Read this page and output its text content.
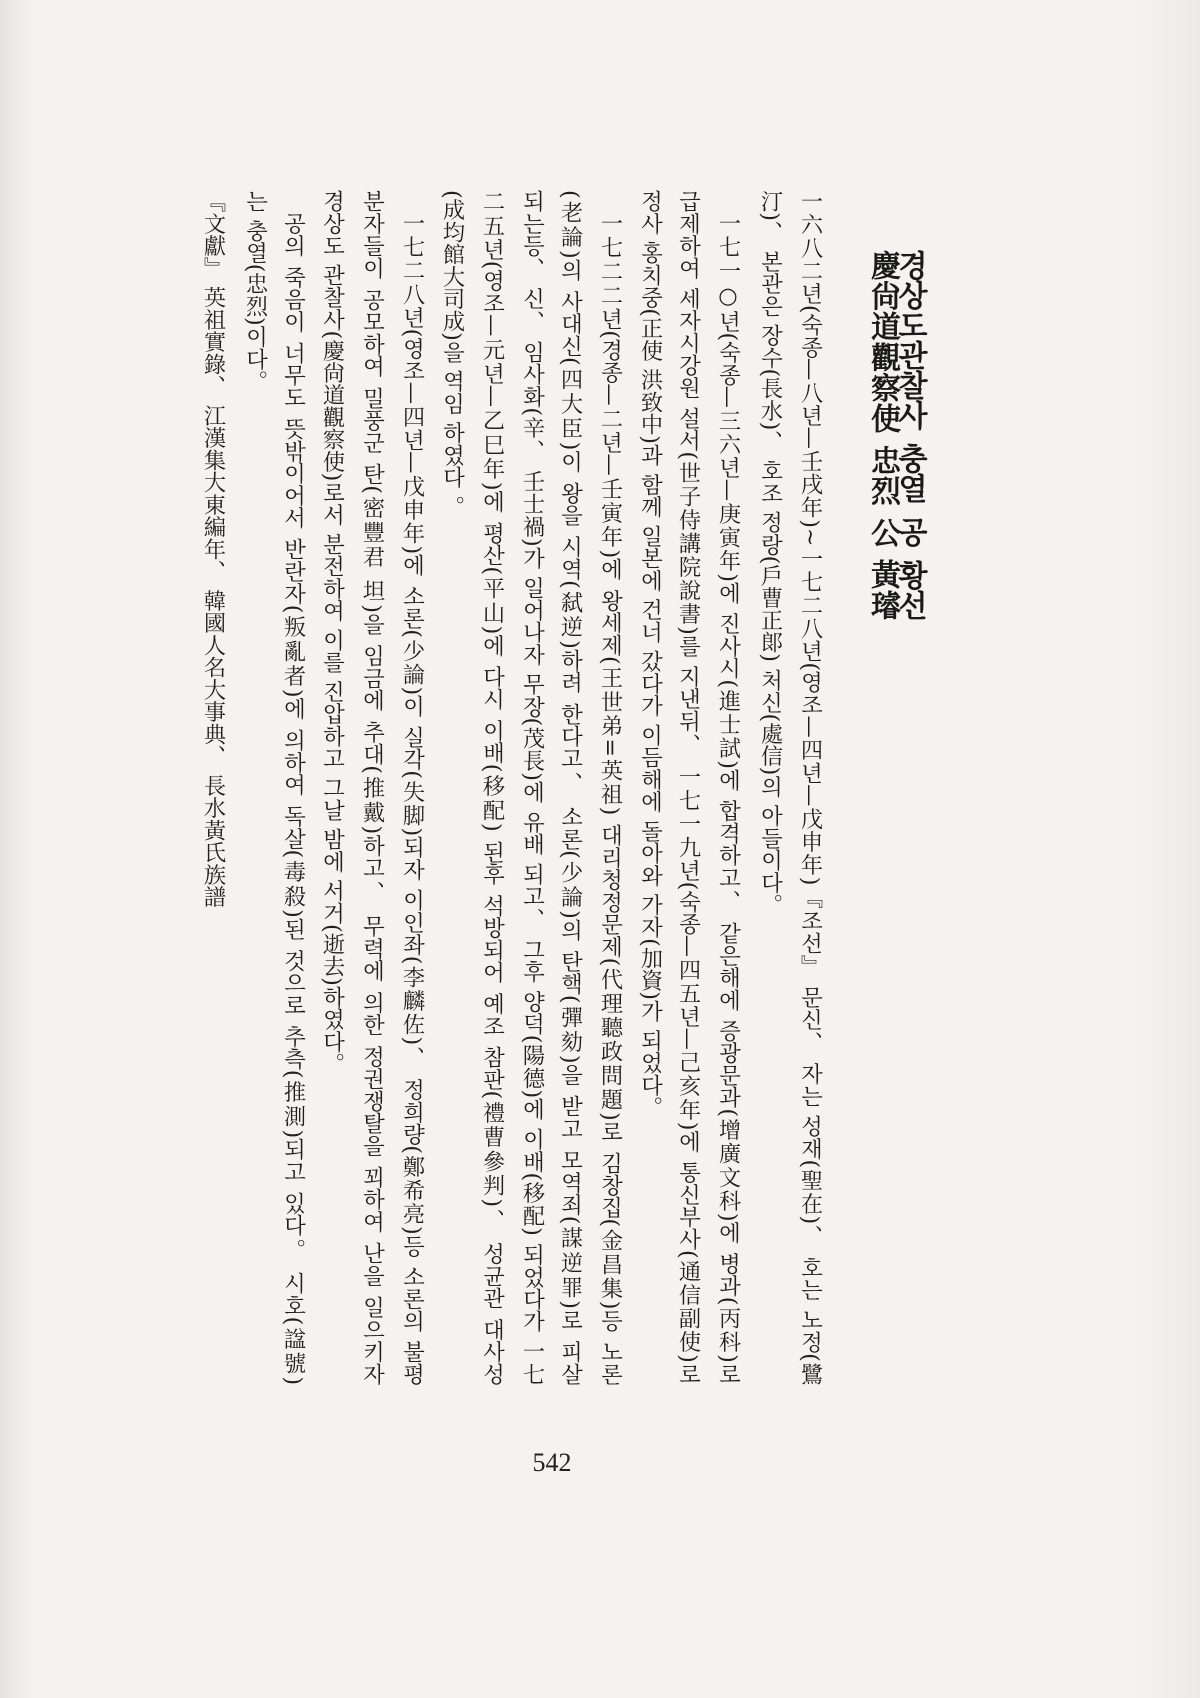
경상도관찰사 충열 공 황선
慶尙道觀察使 忠烈 公 黃璿
一六八二년(숙종—八년—壬戌年)~一七二八년(영조—四년—戊申年)『조선』 문신、 자는 성재(聖在)、 호는 노정(鷺
汀)、 본관은 장수(長水)、 호조 정랑(戶曹正郞) 처신(處信)의 아들이다。
一七一○년(숙종—三六년—庚寅年)에 진사시(進士試)에 합격하고、 같은해에 증광문과(增廣文科)에 병과(丙科)로
급제하여 세자시강원 설서(世子侍講院說書)를 지낸뒤、 一七一九년(숙종—四五년—己亥年)에 통신부사(通信副使)로
정사 홍치중(正使 洪致中)과 함께 일본에 건너 갔다가 이듬해에 돌아와 가자(加資)가 되었다。
一七二二년(경종—二년—壬寅年)에 왕세제(王世弟=英祖) 대리청정문제(代理聽政問題)로 김창집(金昌集)등 노론
(老論)의 사대신(四大臣)이 왕을 시역(弑逆)하려 한다고、 소론(少論)의 탄핵(彈劾)을 받고 모역죄(謀逆罪)로 피살
되는등、 신、 임사화(辛、 壬士禍)가 일어나자 무장(茂長)에 유배 되고、 그후 양덕(陽德)에 이배(移配) 되었다가 一七
二五년(영조—元년—乙巳年)에 평산(平山)에 다시 이배(移配) 된후 석방되어 예조 참판(禮曹參判)、 성균관 대사성
(成均館大司成)을 역임 하였다 。
一七二八년(영조—四년—戊申年)에 소론(少論)이 실각(失脚)되자 이인좌(李麟佐)、 정희량(鄭希亮)등 소론의 불평
분자들이 공모하여 밀풍군 탄(密豐君 坦)을 임금에 추대(推戴)하고、 무력에 의한 정권쟁탈을 꾀하여 난을 일으키자
경상도 관찰사(慶尙道觀察使)로서 분전하여 이를 진압하고 그날 밤에 서거(逝去)하였다。
공의 죽음이 너무도 뜻밖이어서 반란자(叛亂者)에 의하여 독살(毒殺)된 것으로 추측(推測)되고 있다。 시호(諡號)
는 충열(忠烈)이다。
『文獻』 英祖實錄、 江漢集大東編年、 韓國人名大事典、 長水黃氏族譜
542
